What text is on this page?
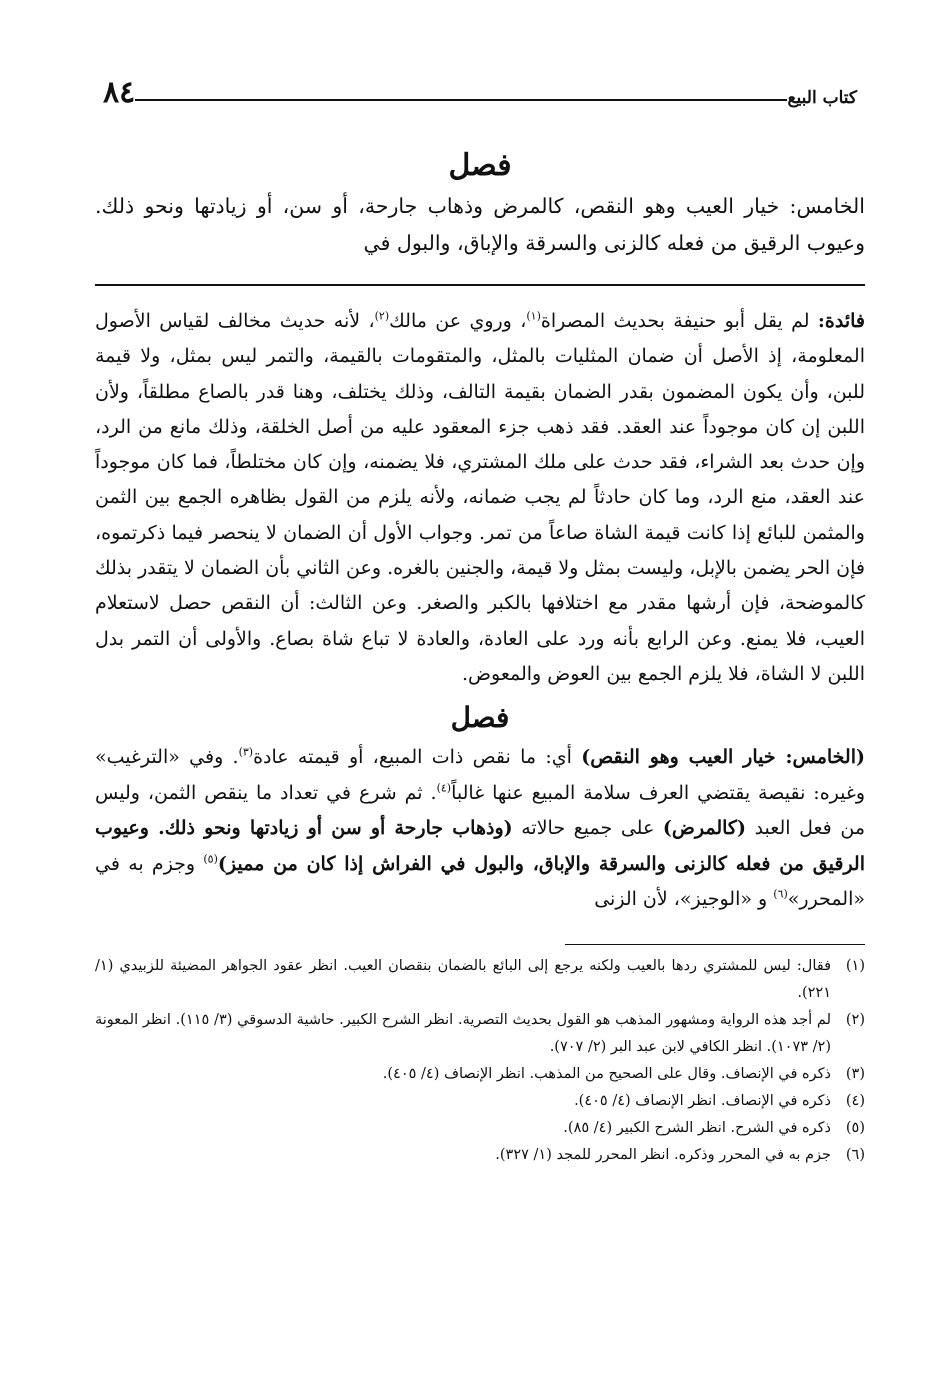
كتاب البيع
٨٤
فصل

الخامس: خيار العيب وهو النقص، كالمرض وذهاب جارحة، أو سن، أو زيادتها ونحو ذلك. وعيوب الرقيق من فعله كالزنى والسرقة والإباق، والبول في

فائدة: لم يقل أبو حنيفة بحديث المصراة$^{(١)}$، وروي عن مالك$^{(٢)}$، لأنه حديث مخالف لقياس الأصول المعلومة، إذ الأصل أن ضمان المثليات بالمثل، والمتقومات بالقيمة، والتمر ليس بمثل، ولا قيمة للبن، وأن يكون المضمون بقدر الضمان بقيمة التالف، وذلك يختلف، وهنا قدر بالصاع مطلقاً، ولأن اللبن إن كان موجوداً عند العقد. فقد ذهب جزء المعقود عليه من أصل الخلقة، وذلك مانع من الرد، وإن حدث بعد الشراء، فقد حدث على ملك المشتري، فلا يضمنه، وإن كان مختلطاً، فما كان موجوداً عند العقد، منع الرد، وما كان حادثاً لم يجب ضمانه، ولأنه يلزم من القول بظاهره الجمع بين الثمن والمثمن للبائع إذا كانت قيمة الشاة صاعاً من تمر. وجواب الأول أن الضمان لا ينحصر فيما ذكرتموه، فإن الحر يضمن بالإبل، وليست بمثل ولا قيمة، والجنين بالغره. وعن الثاني بأن الضمان لا يتقدر بذلك كالموضحة، فإن أرشها مقدر مع اختلافها بالكبر والصغر. وعن الثالث: أن النقص حصل لاستعلام العيب، فلا يمنع. وعن الرابع بأنه ورد على العادة، والعادة لا تباع شاة بصاع. والأولى أن التمر بدل اللبن لا الشاة، فلا يلزم الجمع بين العوض والمعوض.

فصل

(الخامس: خيار العيب وهو النقص) أي: ما نقص ذات المبيع، أو قيمته عادة$^{(٣)}$. وفي «الترغيب» وغيره: نقيصة يقتضي العرف سلامة المبيع عنها غالباً$^{(٤)}$. ثم شرع في تعداد ما ينقص الثمن، وليس من فعل العبد (كالمرض) على جميع حالاته (وذهاب جارحة أو سن أو زيادتها ونحو ذلك. وعيوب الرقيق من فعله كالزنى والسرقة والإباق، والبول في الفراش إذا كان من مميز)$^{(٥)}$ وجزم به في «المحرر»$^{(٦)}$ و «الوجيز»، لأن الزنى

(١)
فقال: ليس للمشتري ردها بالعيب ولكنه يرجع إلى البائع بالضمان بنقصان العيب. انظر عقود الجواهر المضيئة للزبيدي (١/ ٢٢١).
(٢)
لم أجد هذه الرواية ومشهور المذهب هو القول بحديث التصرية. انظر الشرح الكبير. حاشية الدسوقي (٣/ ١١٥). انظر المعونة (٢/ ١٠٧٣). انظر الكافي لابن عبد البر (٢/ ٧٠٧).
(٣)
ذكره في الإنصاف. وقال على الصحيح من المذهب. انظر الإنصاف (٤/ ٤٠٥).
(٤)
ذكره في الإنصاف. انظر الإنصاف (٤/ ٤٠٥).
(٥)
ذكره في الشرح. انظر الشرح الكبير (٤/ ٨٥).
(٦)
جزم به في المحرر وذكره. انظر المحرر للمجد (١/ ٣٢٧).
